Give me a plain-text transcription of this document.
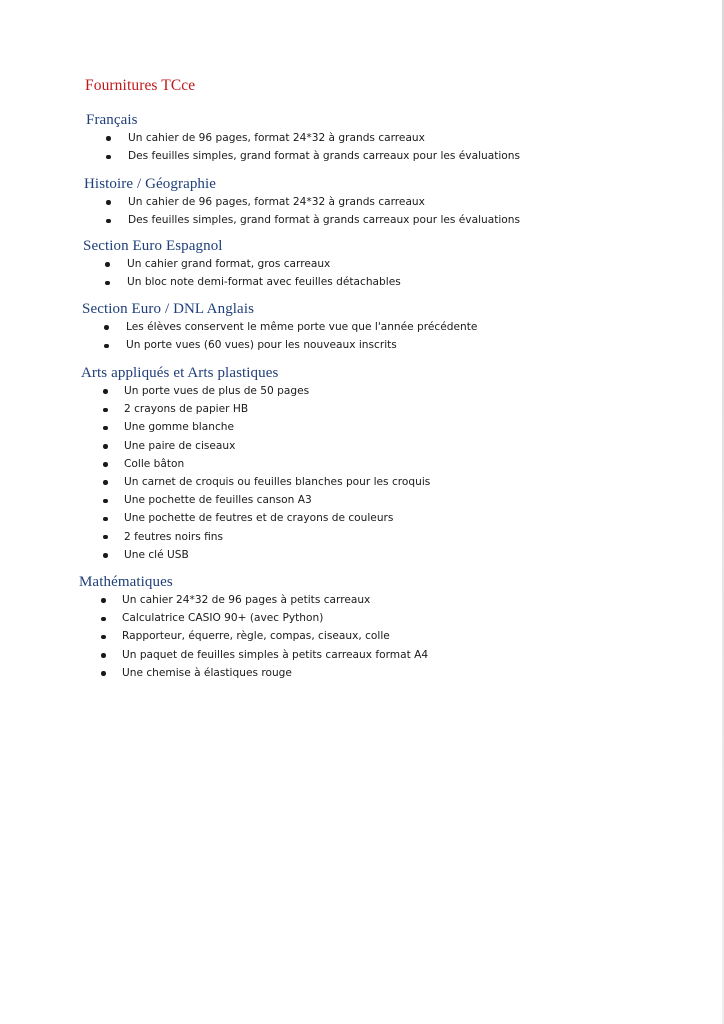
Fournitures TCce
Français
Un cahier de 96 pages, format 24*32 à grands carreaux
Des feuilles simples, grand format à grands carreaux pour les évaluations
Histoire / Géographie
Un cahier de 96 pages, format 24*32 à grands carreaux
Des feuilles simples, grand format à grands carreaux pour les évaluations
Section Euro Espagnol
Un cahier grand format, gros carreaux
Un bloc note demi-format avec feuilles détachables
Section Euro / DNL Anglais
Les élèves conservent le même porte vue que l'année précédente
Un porte vues (60 vues) pour les nouveaux inscrits
Arts appliqués et Arts plastiques
Un porte vues de plus de 50 pages
2 crayons de papier HB
Une gomme blanche
Une paire de ciseaux
Colle bâton
Un carnet de croquis ou feuilles blanches pour les croquis
Une pochette de feuilles canson A3
Une pochette de feutres et de crayons de couleurs
2 feutres noirs fins
Une clé USB
Mathématiques
Un cahier 24*32 de 96 pages à petits carreaux
Calculatrice CASIO 90+ (avec Python)
Rapporteur, équerre, règle, compas, ciseaux, colle
Un paquet de feuilles simples à petits carreaux format A4
Une chemise à élastiques rouge
